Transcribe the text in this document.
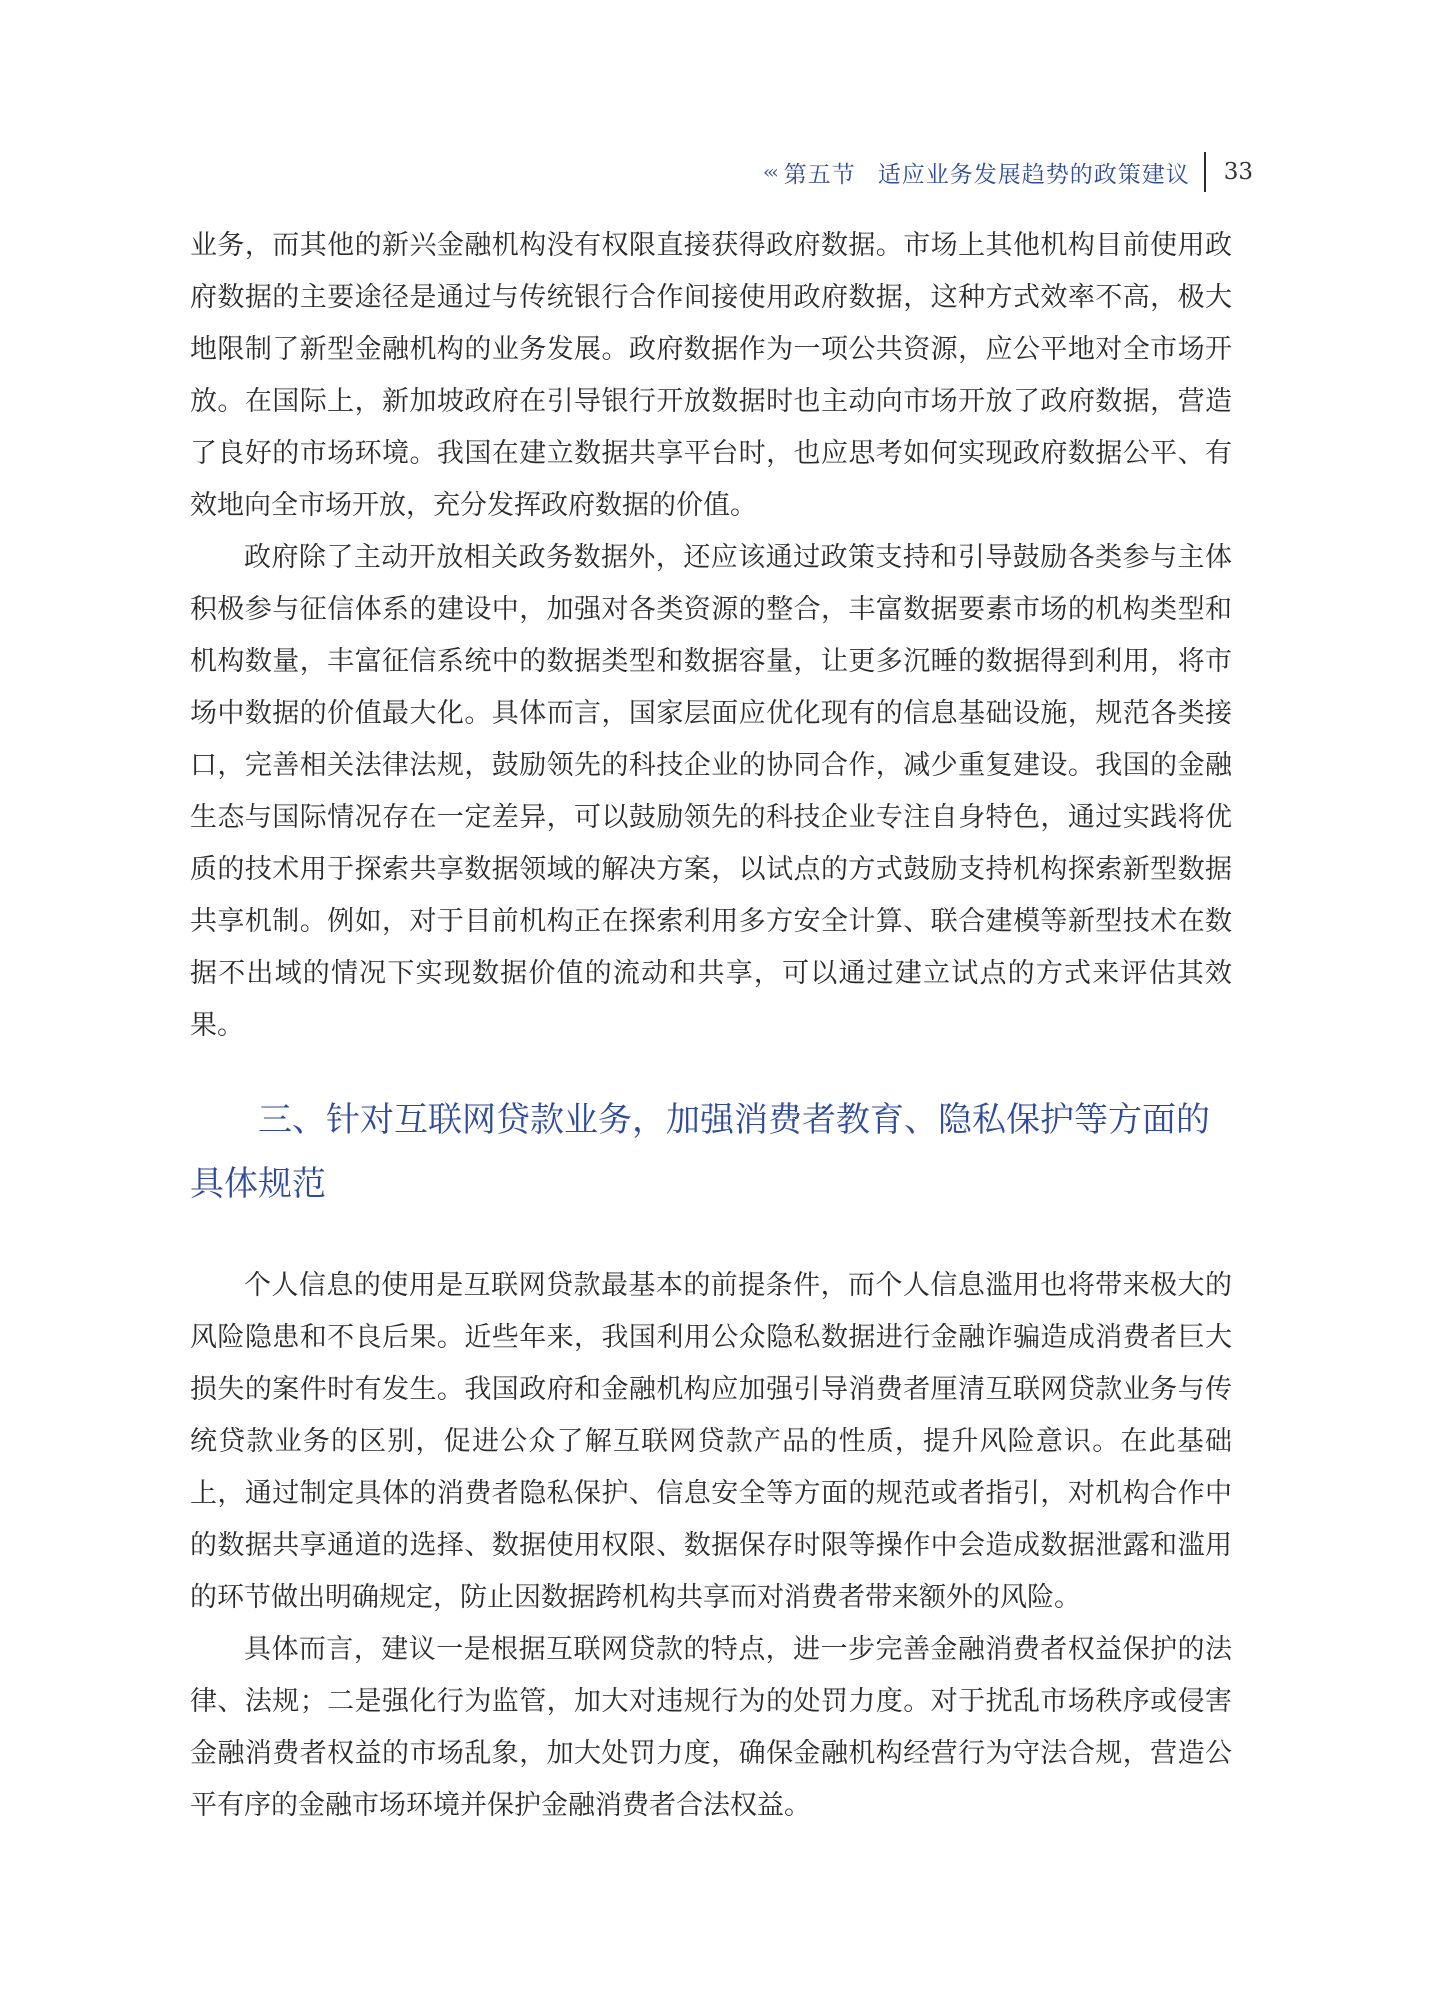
‹‹‹ 第五节 适应业务发展趋势的政策建议 33

业务，而其他的新兴金融机构没有权限直接获得政府数据。市场上其他机构目前使用政府数据的主要途径是通过与传统银行合作间接使用政府数据，这种方式效率不高，极大地限制了新型金融机构的业务发展。政府数据作为一项公共资源，应公平地对全市场开放。在国际上，新加坡政府在引导银行开放数据时也主动向市场开放了政府数据，营造了良好的市场环境。我国在建立数据共享平台时，也应思考如何实现政府数据公平、有效地向全市场开放，充分发挥政府数据的价值。

政府除了主动开放相关政务数据外，还应该通过政策支持和引导鼓励各类参与主体积极参与征信体系的建设中，加强对各类资源的整合，丰富数据要素市场的机构类型和机构数量，丰富征信系统中的数据类型和数据容量，让更多沉睡的数据得到利用，将市场中数据的价值最大化。具体而言，国家层面应优化现有的信息基础设施，规范各类接口，完善相关法律法规，鼓励领先的科技企业的协同合作，减少重复建设。我国的金融生态与国际情况存在一定差异，可以鼓励领先的科技企业专注自身特色，通过实践将优质的技术用于探索共享数据领域的解决方案，以试点的方式鼓励支持机构探索新型数据共享机制。例如，对于目前机构正在探索利用多方安全计算、联合建模等新型技术在数据不出域的情况下实现数据价值的流动和共享，可以通过建立试点的方式来评估其效果。

三、针对互联网贷款业务，加强消费者教育、隐私保护等方面的具体规范

个人信息的使用是互联网贷款最基本的前提条件，而个人信息滥用也将带来极大的风险隐患和不良后果。近些年来，我国利用公众隐私数据进行金融诈骗造成消费者巨大损失的案件时有发生。我国政府和金融机构应加强引导消费者厘清互联网贷款业务与传统贷款业务的区别，促进公众了解互联网贷款产品的性质，提升风险意识。在此基础上，通过制定具体的消费者隐私保护、信息安全等方面的规范或者指引，对机构合作中的数据共享通道的选择、数据使用权限、数据保存时限等操作中会造成数据泄露和滥用的环节做出明确规定，防止因数据跨机构共享而对消费者带来额外的风险。

具体而言，建议一是根据互联网贷款的特点，进一步完善金融消费者权益保护的法律、法规；二是强化行为监管，加大对违规行为的处罚力度。对于扰乱市场秩序或侵害金融消费者权益的市场乱象，加大处罚力度，确保金融机构经营行为守法合规，营造公平有序的金融市场环境并保护金融消费者合法权益。
